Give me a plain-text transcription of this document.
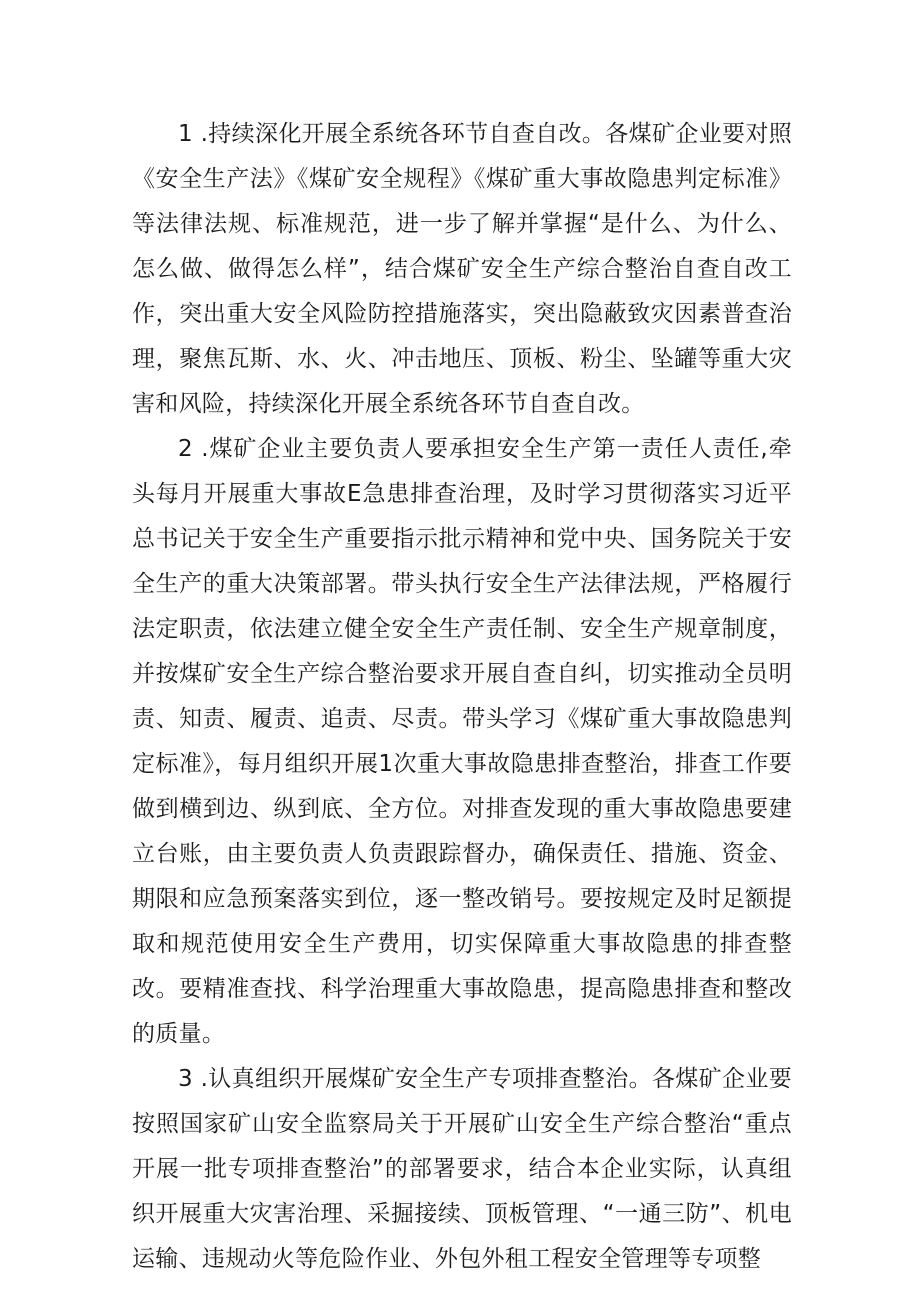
1 .持续深化开展全系统各环节自查自改。各煤矿企业要对照《安全生产法》《煤矿安全规程》《煤矿重大事故隐患判定标准》等法律法规、标准规范，进一步了解并掌握“是什么、为什么、怎么做、做得怎么样”，结合煤矿安全生产综合整治自查自改工作，突出重大安全风险防控措施落实，突出隐蔽致灾因素普查治理，聚焦瓦斯、水、火、冲击地压、顶板、粉尘、坠罐等重大灾害和风险，持续深化开展全系统各环节自查自改。

2 .煤矿企业主要负责人要承担安全生产第一责任人责任,牵头每月开展重大事故E急患排查治理，及时学习贯彻落实习近平总书记关于安全生产重要指示批示精神和党中央、国务院关于安全生产的重大决策部署。带头执行安全生产法律法规，严格履行法定职责，依法建立健全安全生产责任制、安全生产规章制度，并按煤矿安全生产综合整治要求开展自查自纠，切实推动全员明责、知责、履责、追责、尽责。带头学习《煤矿重大事故隐患判定标准》，每月组织开展1次重大事故隐患排查整治，排查工作要做到横到边、纵到底、全方位。对排查发现的重大事故隐患要建立台账，由主要负责人负责跟踪督办，确保责任、措施、资金、期限和应急预案落实到位，逐一整改销号。要按规定及时足额提取和规范使用安全生产费用，切实保障重大事故隐患的排查整改。要精准查找、科学治理重大事故隐患，提高隐患排查和整改的质量。

3 .认真组织开展煤矿安全生产专项排查整治。各煤矿企业要按照国家矿山安全监察局关于开展矿山安全生产综合整治“重点开展一批专项排查整治”的部署要求，结合本企业实际，认真组织开展重大灾害治理、采掘接续、顶板管理、“一通三防”、机电运输、违规动火等危险作业、外包外租工程安全管理等专项整
